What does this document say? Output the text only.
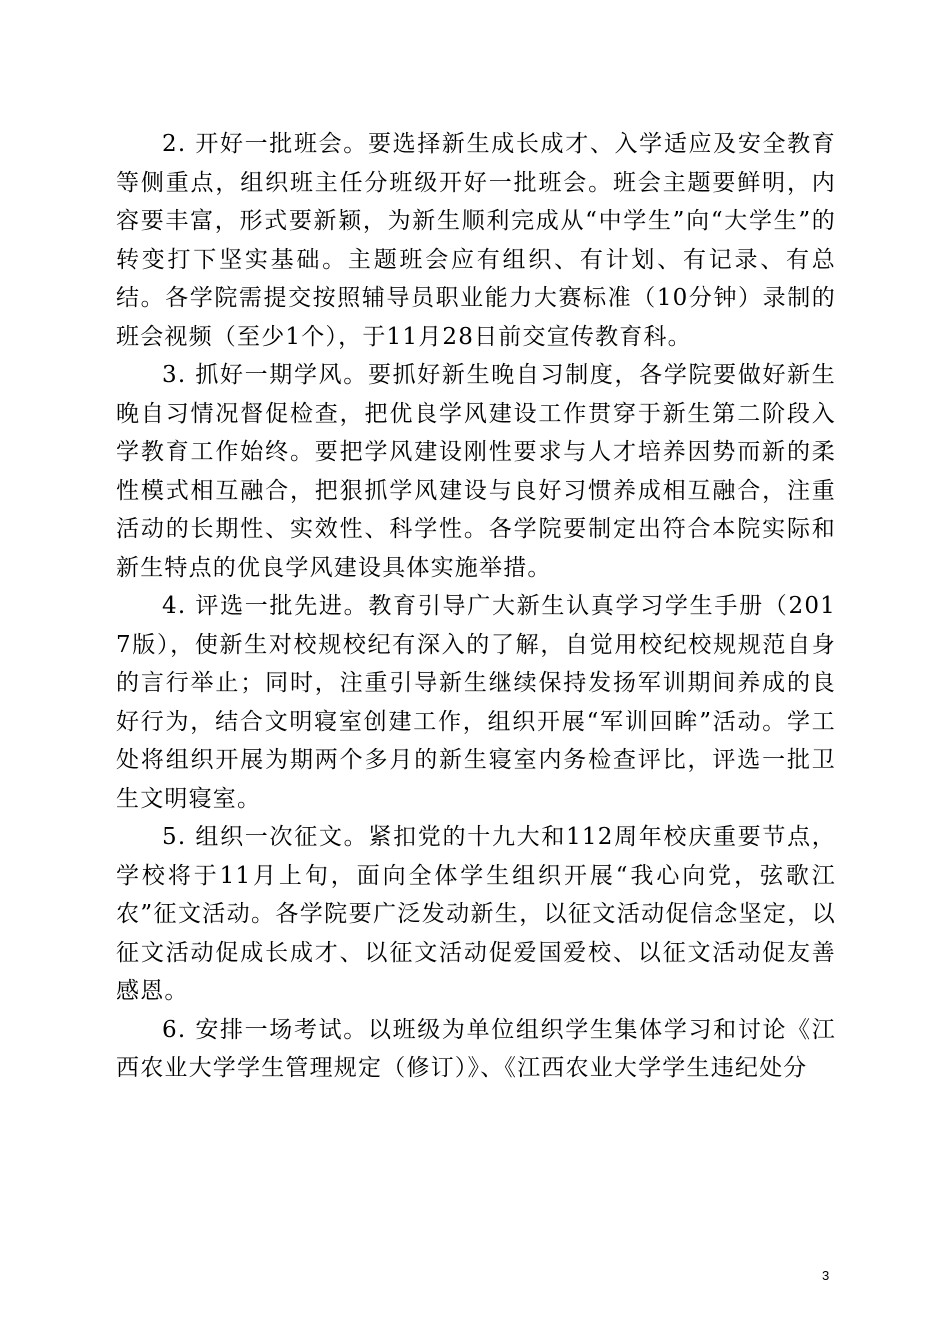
2. 开好一批班会。要选择新生成长成才、入学适应及安全教育等侧重点，组织班主任分班级开好一批班会。班会主题要鲜明，内容要丰富，形式要新颖，为新生顺利完成从“中学生”向“大学生”的转变打下坚实基础。主题班会应有组织、有计划、有记录、有总结。各学院需提交按照辅导员职业能力大赛标准（10分钟）录制的班会视频（至少1个），于11月28日前交宣传教育科。

3. 抓好一期学风。要抓好新生晚自习制度，各学院要做好新生晚自习情况督促检查，把优良学风建设工作贯穿于新生第二阶段入学教育工作始终。要把学风建设刚性要求与人才培养因势而新的柔性模式相互融合，把狠抓学风建设与良好习惯养成相互融合，注重活动的长期性、实效性、科学性。各学院要制定出符合本院实际和新生特点的优良学风建设具体实施举措。

4. 评选一批先进。教育引导广大新生认真学习学生手册（2017版），使新生对校规校纪有深入的了解，自觉用校纪校规规范自身的言行举止；同时，注重引导新生继续保持发扬军训期间养成的良好行为，结合文明寝室创建工作，组织开展“军训回眸”活动。学工处将组织开展为期两个多月的新生寝室内务检查评比，评选一批卫生文明寝室。

5. 组织一次征文。紧扣党的十九大和112周年校庆重要节点，学校将于11月上旬，面向全体学生组织开展“我心向党，弦歌江农”征文活动。各学院要广泛发动新生，以征文活动促信念坚定，以征文活动促成长成才、以征文活动促爱国爱校、以征文活动促友善感恩。

6. 安排一场考试。以班级为单位组织学生集体学习和讨论《江西农业大学学生管理规定（修订）》、《江西农业大学学生违纪处分

3
